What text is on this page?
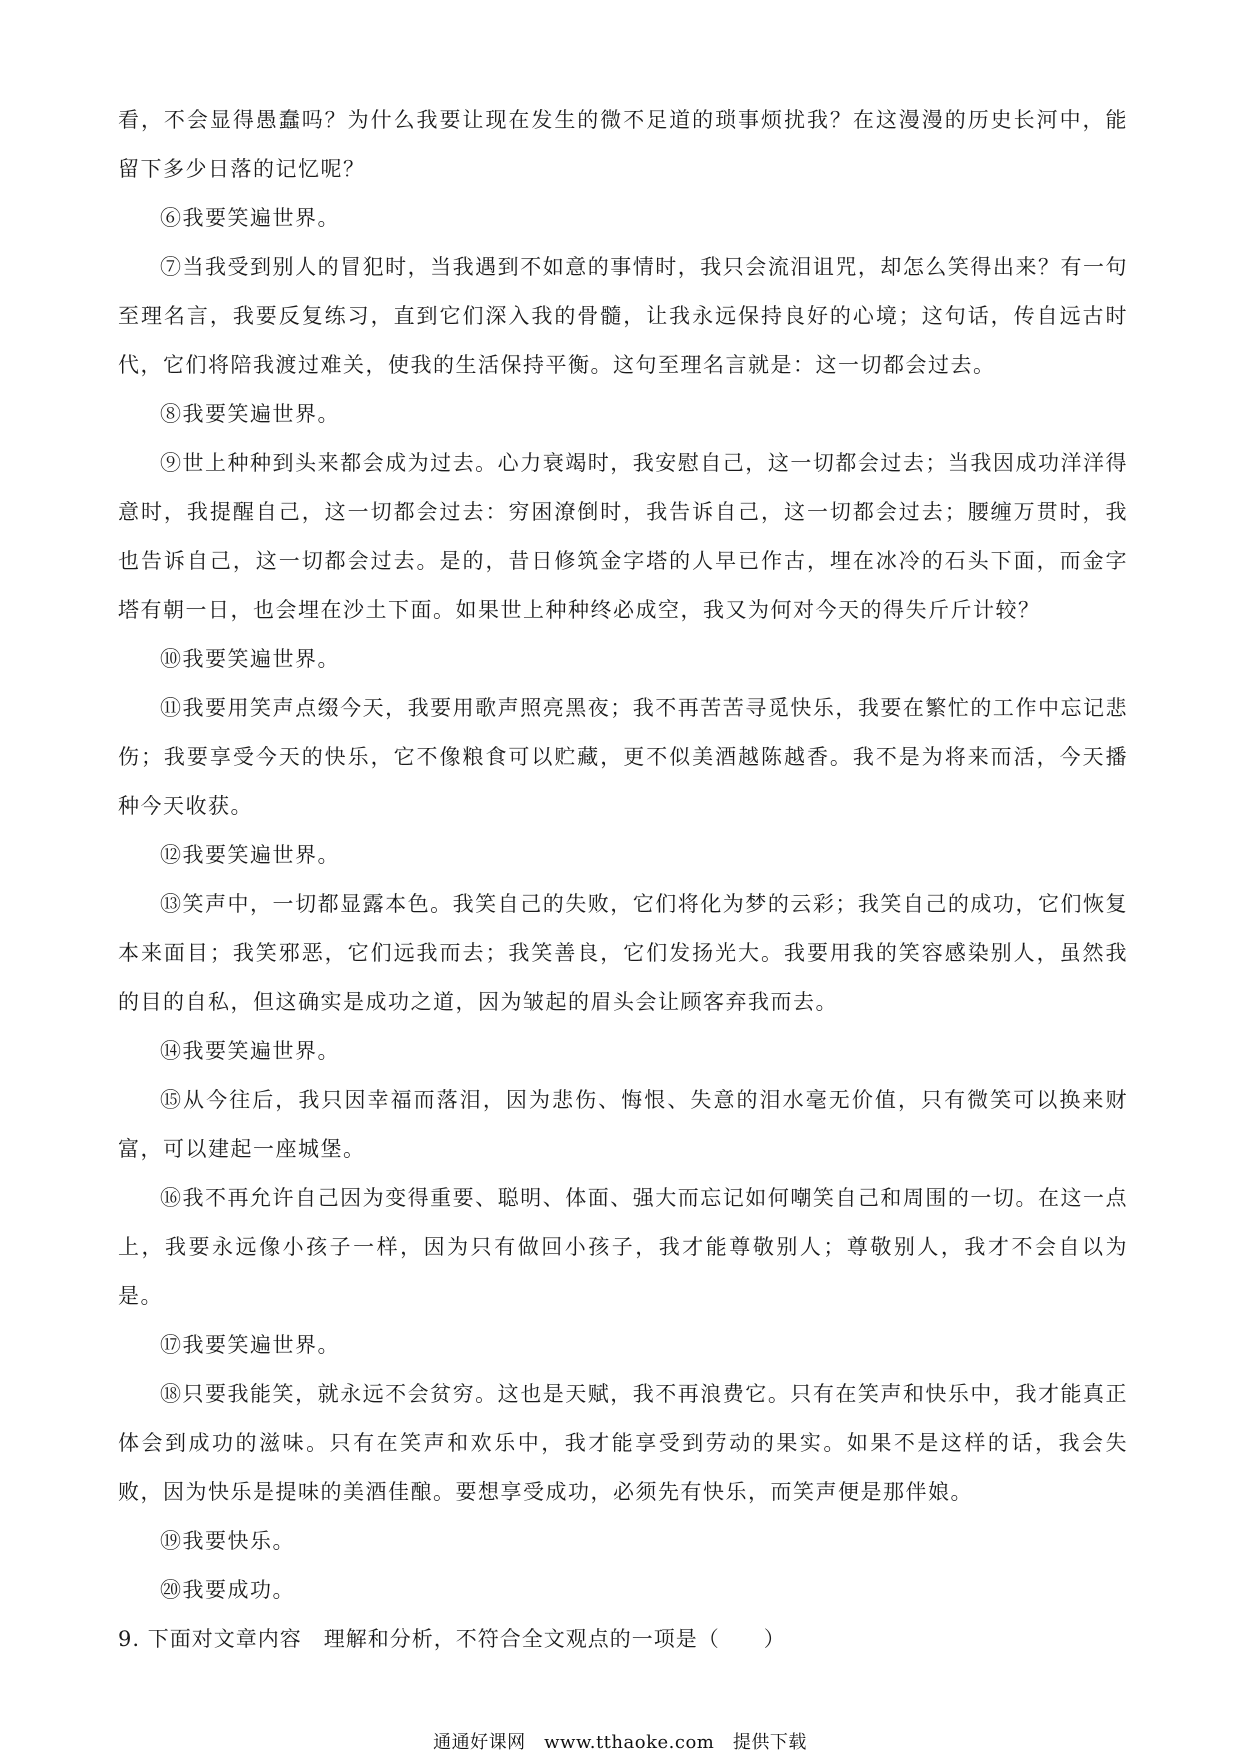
看，不会显得愚蠢吗？为什么我要让现在发生的微不足道的琐事烦扰我？在这漫漫的历史长河中，能留下多少日落的记忆呢？

⑥我要笑遍世界。

⑦当我受到别人的冒犯时，当我遇到不如意的事情时，我只会流泪诅咒，却怎么笑得出来？有一句至理名言，我要反复练习，直到它们深入我的骨髓，让我永远保持良好的心境；这句话，传自远古时代，它们将陪我渡过难关，使我的生活保持平衡。这句至理名言就是：这一切都会过去。

⑧我要笑遍世界。

⑨世上种种到头来都会成为过去。心力衰竭时，我安慰自己，这一切都会过去；当我因成功洋洋得意时，我提醒自己，这一切都会过去：穷困潦倒时，我告诉自己，这一切都会过去；腰缠万贯时，我也告诉自己，这一切都会过去。是的，昔日修筑金字塔的人早已作古，埋在冰冷的石头下面，而金字塔有朝一日，也会埋在沙土下面。如果世上种种终必成空，我又为何对今天的得失斤斤计较？

⑩我要笑遍世界。

⑪我要用笑声点缀今天，我要用歌声照亮黑夜；我不再苦苦寻觅快乐，我要在繁忙的工作中忘记悲伤；我要享受今天的快乐，它不像粮食可以贮藏，更不似美酒越陈越香。我不是为将来而活，今天播种今天收获。

⑫我要笑遍世界。

⑬笑声中，一切都显露本色。我笑自己的失败，它们将化为梦的云彩；我笑自己的成功，它们恢复本来面目；我笑邪恶，它们远我而去；我笑善良，它们发扬光大。我要用我的笑容感染别人，虽然我的目的自私，但这确实是成功之道，因为皱起的眉头会让顾客弃我而去。

⑭我要笑遍世界。

⑮从今往后，我只因幸福而落泪，因为悲伤、悔恨、失意的泪水毫无价值，只有微笑可以换来财富，可以建起一座城堡。

⑯我不再允许自己因为变得重要、聪明、体面、强大而忘记如何嘲笑自己和周围的一切。在这一点上，我要永远像小孩子一样，因为只有做回小孩子，我才能尊敬别人；尊敬别人，我才不会自以为是。

⑰我要笑遍世界。

⑱只要我能笑，就永远不会贫穷。这也是天赋，我不再浪费它。只有在笑声和快乐中，我才能真正体会到成功的滋味。只有在笑声和欢乐中，我才能享受到劳动的果实。如果不是这样的话，我会失败，因为快乐是提味的美酒佳酿。要想享受成功，必须先有快乐，而笑声便是那伴娘。

⑲我要快乐。

⑳我要成功。

9. 下面对文章内容　理解和分析，不符合全文观点的一项是（　　）

通通好课网　www.tthaoke.com　提供下载
